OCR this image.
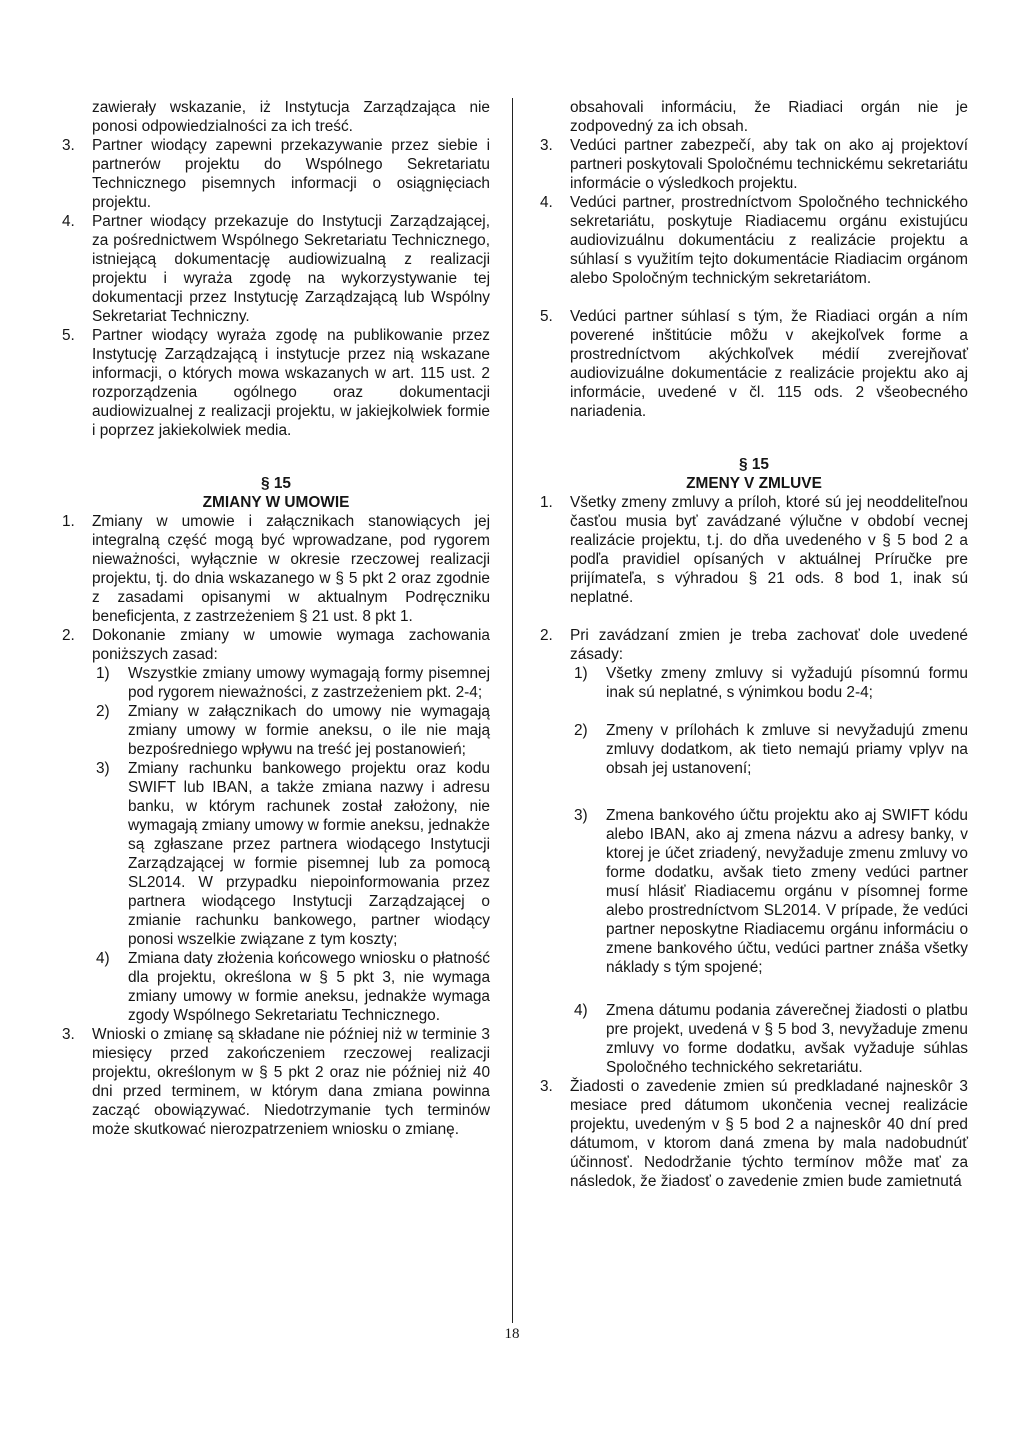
zawierały wskazanie, iż Instytucja Zarządzająca nie ponosi odpowiedzialności za ich treść.

3. Partner wiodący zapewni przekazywanie przez siebie i partnerów projektu do Wspólnego Sekretariatu Technicznego pisemnych informacji o osiągnięciach projektu.
4. Partner wiodący przekazuje do Instytucji Zarządzającej, za pośrednictwem Wspólnego Sekretariatu Technicznego, istniejącą dokumentację audiowizualną z realizacji projektu i wyraża zgodę na wykorzystywanie tej dokumentacji przez Instytucję Zarządzającą lub Wspólny Sekretariat Techniczny.
5. Partner wiodący wyraża zgodę na publikowanie przez Instytucję Zarządzającą i instytucje przez nią wskazane informacji, o których mowa wskazanych w art. 115 ust. 2 rozporządzenia ogólnego oraz dokumentacji audiowizualnej z realizacji projektu, w jakiejkolwiek formie i poprzez jakiekolwiek media.

§ 15

ZMIANY W UMOWIE

1. Zmiany w umowie i załącznikach stanowiących jej integralną część mogą być wprowadzane, pod rygorem nieważności, wyłącznie w okresie rzeczowej realizacji projektu, tj. do dnia wskazanego w § 5 pkt 2 oraz zgodnie z zasadami opisanymi w aktualnym Podręczniku beneficjenta, z zastrzeżeniem § 21 ust. 8 pkt 1.
2. Dokonanie zmiany w umowie wymaga zachowania poniższych zasad:
1) Wszystkie zmiany umowy wymagają formy pisemnej pod rygorem nieważności, z zastrzeżeniem pkt. 2-4;
2) Zmiany w załącznikach do umowy nie wymagają zmiany umowy w formie aneksu, o ile nie mają bezpośredniego wpływu na treść jej postanowień;
3) Zmiany rachunku bankowego projektu oraz kodu SWIFT lub IBAN, a także zmiana nazwy i adresu banku, w którym rachunek został założony, nie wymagają zmiany umowy w formie aneksu, jednakże są zgłaszane przez partnera wiodącego Instytucji Zarządzającej w formie pisemnej lub za pomocą SL2014. W przypadku niepoinformowania przez partnera wiodącego Instytucji Zarządzającej o zmianie rachunku bankowego, partner wiodący ponosi wszelkie związane z tym koszty;
4) Zmiana daty złożenia końcowego wniosku o płatność dla projektu, określona w § 5 pkt 3, nie wymaga zmiany umowy w formie aneksu, jednakże wymaga zgody Wspólnego Sekretariatu Technicznego.
3. Wnioski o zmianę są składane nie później niż w terminie 3 miesięcy przed zakończeniem rzeczowej realizacji projektu, określonym w § 5 pkt 2 oraz nie później niż 40 dni przed terminem, w którym dana zmiana powinna zacząć obowiązywać. Niedotrzymanie tych terminów może skutkować nierozpatrzeniem wniosku o zmianę.

obsahovali informáciu, že Riadiaci orgán nie je zodpovedný za ich obsah.

3. Vedúci partner zabezpečí, aby tak on ako aj projektoví partneri poskytovali Spoločnému technickému sekretariátu informácie o výsledkoch projektu.
4. Vedúci partner, prostredníctvom Spoločného technického sekretariátu, poskytuje Riadiacemu orgánu existujúcu audiovizuálnu dokumentáciu z realizácie projektu a súhlasí s využitím tejto dokumentácie Riadiacim orgánom alebo Spoločným technickým sekretariátom.
5. Vedúci partner súhlasí s tým, že Riadiaci orgán a ním poverené inštitúcie môžu v akejkoľvek forme a prostredníctvom akýchkoľvek médií zverejňovať audiovizuálne dokumentácie z realizácie projektu ako aj informácie, uvedené v čl. 115 ods. 2 všeobecného nariadenia.

§ 15

ZMENY V ZMLUVE

1. Všetky zmeny zmluvy a príloh, ktoré sú jej neoddeliteľnou časťou musia byť zavádzané výlučne v období vecnej realizácie projektu, t.j. do dňa uvedeného v § 5 bod 2 a podľa pravidiel opísaných v aktuálnej Príručke pre prijímateľa, s výhradou § 21 ods. 8 bod 1, inak sú neplatné.
2. Pri zavádzaní zmien je treba zachovať dole uvedené zásady:
1) Všetky zmeny zmluvy si vyžadujú písomnú formu inak sú neplatné, s výnimkou bodu 2-4;
2) Zmeny v prílohách k zmluve si nevyžadujú zmenu zmluvy dodatkom, ak tieto nemajú priamy vplyv na obsah jej ustanovení;
3) Zmena bankového účtu projektu ako aj SWIFT kódu alebo IBAN, ako aj zmena názvu a adresy banky, v ktorej je účet zriadený, nevyžaduje zmenu zmluvy vo forme dodatku, avšak tieto zmeny vedúci partner musí hlásiť Riadiacemu orgánu v písomnej forme alebo prostredníctvom SL2014. V prípade, že vedúci partner neposkytne Riadiacemu orgánu informáciu o zmene bankového účtu, vedúci partner znáša všetky náklady s tým spojené;
4) Zmena dátumu podania záverečnej žiadosti o platbu pre projekt, uvedená v § 5 bod 3, nevyžaduje zmenu zmluvy vo forme dodatku, avšak vyžaduje súhlas Spoločného technického sekretariátu.
3. Žiadosti o zavedenie zmien sú predkladané najneskôr 3 mesiace pred dátumom ukončenia vecnej realizácie projektu, uvedeným v § 5 bod 2 a najneskôr 40 dní pred dátumom, v ktorom daná zmena by mala nadobudnúť účinnosť. Nedodržanie týchto termínov môže mať za následok, že žiadosť o zavedenie zmien bude zamietnutá
18
